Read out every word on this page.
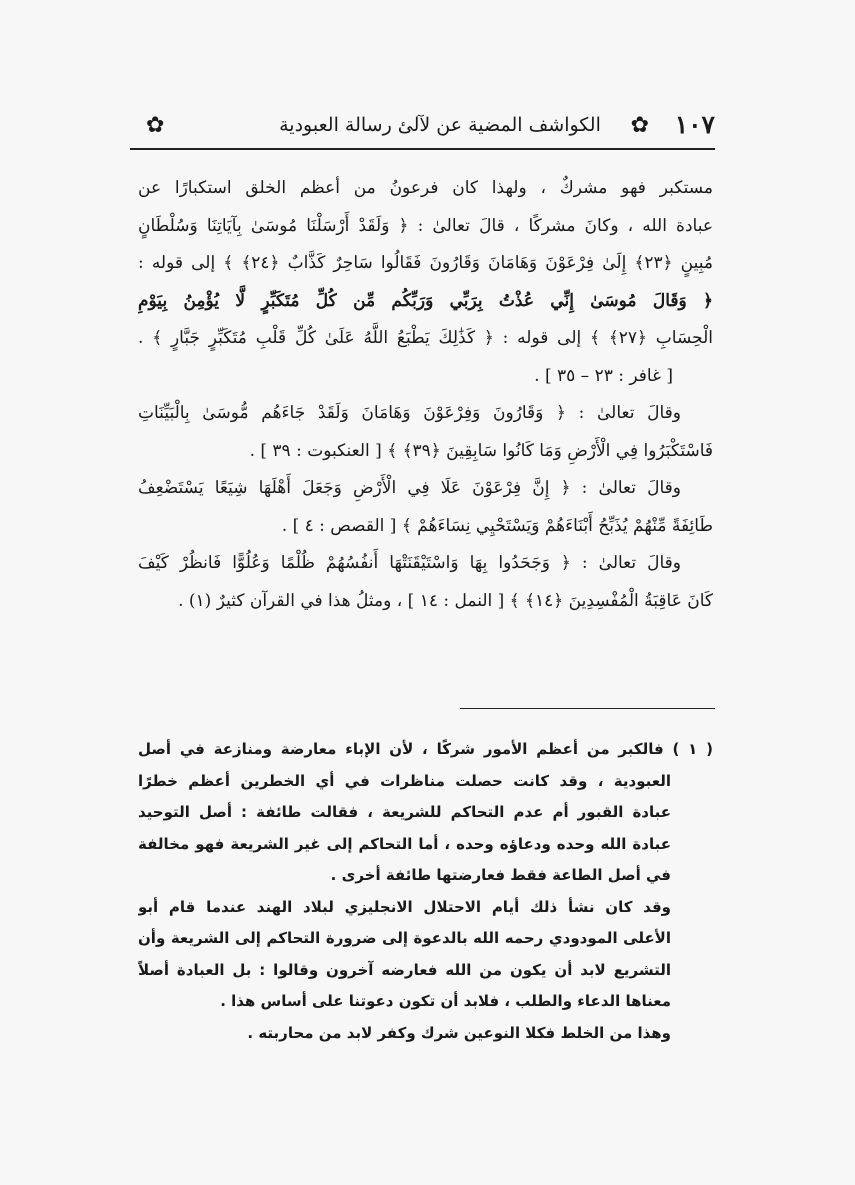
١٠٧
✿
الكواشف المضية عن لآلئ رسالة العبودية
✿
مستكبر فهو مشركٌ ، ولهذا كان فرعونُ من أعظم الخلق استكبارًا عن
عبادة الله ، وكانَ مشركًا ، قالَ تعالىٰ : ﴿ وَلَقَدْ أَرْسَلْنَا مُوسَىٰ بِآيَاتِنَا وَسُلْطَانٍ
مُبِينٍ ﴿٢٣﴾ إِلَىٰ فِرْعَوْنَ وَهَامَانَ وَقَارُونَ فَقَالُوا سَاحِرٌ كَذَّابٌ ﴿٢٤﴾ ﴾ إلى قوله :
﴿ وَقَالَ مُوسَىٰ إِنِّي عُذْتُ بِرَبِّي وَرَبِّكُم مِّن كُلِّ مُتَكَبِّرٍ لَّا يُؤْمِنُ بِيَوْمِ
الْحِسَابِ ﴿٢٧﴾ ﴾ إلى قوله : ﴿ كَذَٰلِكَ يَطْبَعُ اللَّهُ عَلَىٰ كُلِّ قَلْبِ مُتَكَبِّرٍ جَبَّارٍ ﴾ .
[ غافر : ٢٣ – ٣٥ ] .
وقالَ تعالىٰ : ﴿ وَقَارُونَ وَفِرْعَوْنَ وَهَامَانَ وَلَقَدْ جَاءَهُم مُّوسَىٰ بِالْبَيِّنَاتِ
فَاسْتَكْبَرُوا فِي الْأَرْضِ وَمَا كَانُوا سَابِقِينَ ﴿٣٩﴾ ﴾ [ العنكبوت : ٣٩ ] .
وقالَ تعالىٰ : ﴿ إِنَّ فِرْعَوْنَ عَلَا فِي الْأَرْضِ وَجَعَلَ أَهْلَهَا شِيَعًا يَسْتَضْعِفُ
طَائِفَةً مِّنْهُمْ يُذَبِّحُ أَبْنَاءَهُمْ وَيَسْتَحْيِي نِسَاءَهُمْ ﴾ [ القصص : ٤ ] .
وقالَ تعالىٰ : ﴿ وَجَحَدُوا بِهَا وَاسْتَيْقَنَتْهَا أَنفُسُهُمْ ظُلْمًا وَعُلُوًّا فَانظُرْ كَيْفَ
كَانَ عَاقِبَةُ الْمُفْسِدِينَ ﴿١٤﴾ ﴾ [ النمل : ١٤ ] ، ومثلُ هذا في القرآن كثيرٌ (١) .
( ١ ) فالكبر من أعظم الأمور شركًا ، لأن الإباء معارضة ومنازعة في أصل
العبودية ، وقد كانت حصلت مناظرات في أي الخطرين أعظم خطرًا
عبادة القبور أم عدم التحاكم للشريعة ، فقالت طائفة : أصل التوحيد
عبادة الله وحده ودعاؤه وحده ، أما التحاكم إلى غير الشريعة فهو مخالفة
في أصل الطاعة فقط فعارضتها طائفة أخرى .
وقد كان نشأ ذلك أيام الاحتلال الانجليزي لبلاد الهند عندما قام أبو
الأعلى المودودي رحمه الله بالدعوة إلى ضرورة التحاكم إلى الشريعة وأن
التشريع لابد أن يكون من الله فعارضه آخرون وقالوا : بل العبادة أصلاً
معناها الدعاء والطلب ، فلابد أن تكون دعوتنا على أساس هذا .
وهذا من الخلط فكلا النوعين شرك وكفر لابد من محاربته .
